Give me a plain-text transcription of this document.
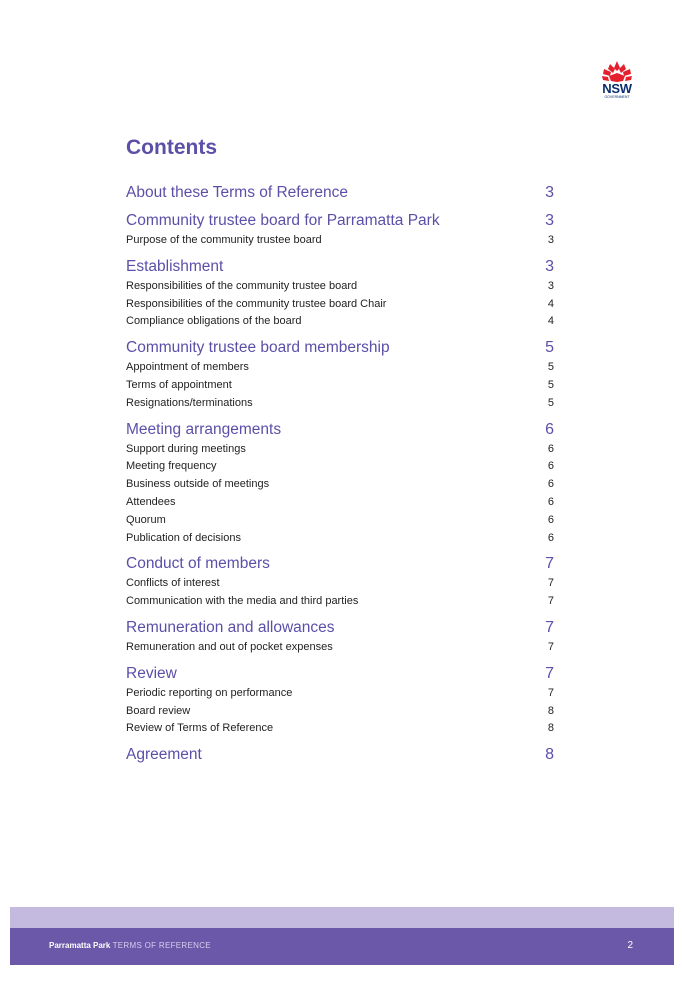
NSW
GOVERNMENT
Contents
About these Terms of Reference	3
Community trustee board for Parramatta Park	3
Purpose of the community trustee board	3
Establishment	3
Responsibilities of the community trustee board	3
Responsibilities of the community trustee board Chair	4
Compliance obligations of the board	4
Community trustee board membership	5
Appointment of members	5
Terms of appointment	5
Resignations/terminations	5
Meeting arrangements	6
Support during meetings	6
Meeting frequency	6
Business outside of meetings	6
Attendees	6
Quorum	6
Publication of decisions	6
Conduct of members	7
Conflicts of interest	7
Communication with the media and third parties	7
Remuneration and allowances	7
Remuneration and out of pocket expenses	7
Review	7
Periodic reporting on performance	7
Board review	8
Review of Terms of Reference	8
Agreement	8
Parramatta Park TERMS OF REFERENCE	2
